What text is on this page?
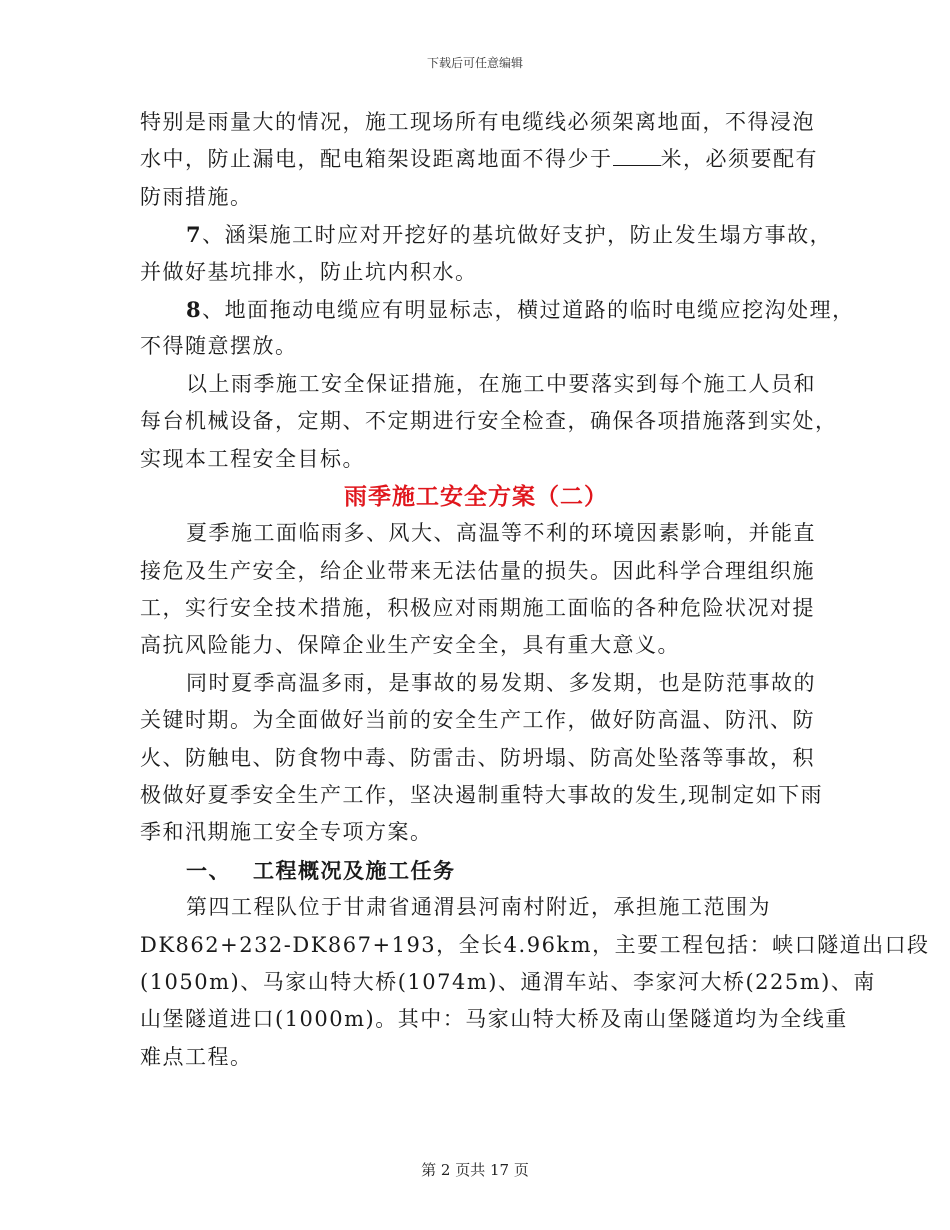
下载后可任意编辑
特别是雨量大的情况，施工现场所有电缆线必须架离地面，不得浸泡
水中，防止漏电，配电箱架设距离地面不得少于 米，必须要配有
防雨措施。
7、涵渠施工时应对开挖好的基坑做好支护，防止发生塌方事故，
并做好基坑排水，防止坑内积水。
8、地面拖动电缆应有明显标志，横过道路的临时电缆应挖沟处理，
不得随意摆放。
以上雨季施工安全保证措施，在施工中要落实到每个施工人员和
每台机械设备，定期、不定期进行安全检查，确保各项措施落到实处，
实现本工程安全目标。
雨季施工安全方案（二）
夏季施工面临雨多、风大、高温等不利的环境因素影响，并能直
接危及生产安全，给企业带来无法估量的损失。因此科学合理组织施
工，实行安全技术措施，积极应对雨期施工面临的各种危险状况对提
高抗风险能力、保障企业生产安全全，具有重大意义。
同时夏季高温多雨，是事故的易发期、多发期，也是防范事故的
关键时期。为全面做好当前的安全生产工作，做好防高温、防汛、防
火、防触电、防食物中毒、防雷击、防坍塌、防高处坠落等事故，积
极做好夏季安全生产工作，坚决遏制重特大事故的发生,现制定如下雨
季和汛期施工安全专项方案。
一、 工程概况及施工任务
第四工程队位于甘肃省通渭县河南村附近，承担施工范围为
DK862+232-DK867+193，全长4.96km，主要工程包括：峡口隧道出口段
(1050m)、马家山特大桥(1074m)、通渭车站、李家河大桥(225m)、南
山堡隧道进口(1000m)。其中：马家山特大桥及南山堡隧道均为全线重
难点工程。
第 2 页共 17 页
